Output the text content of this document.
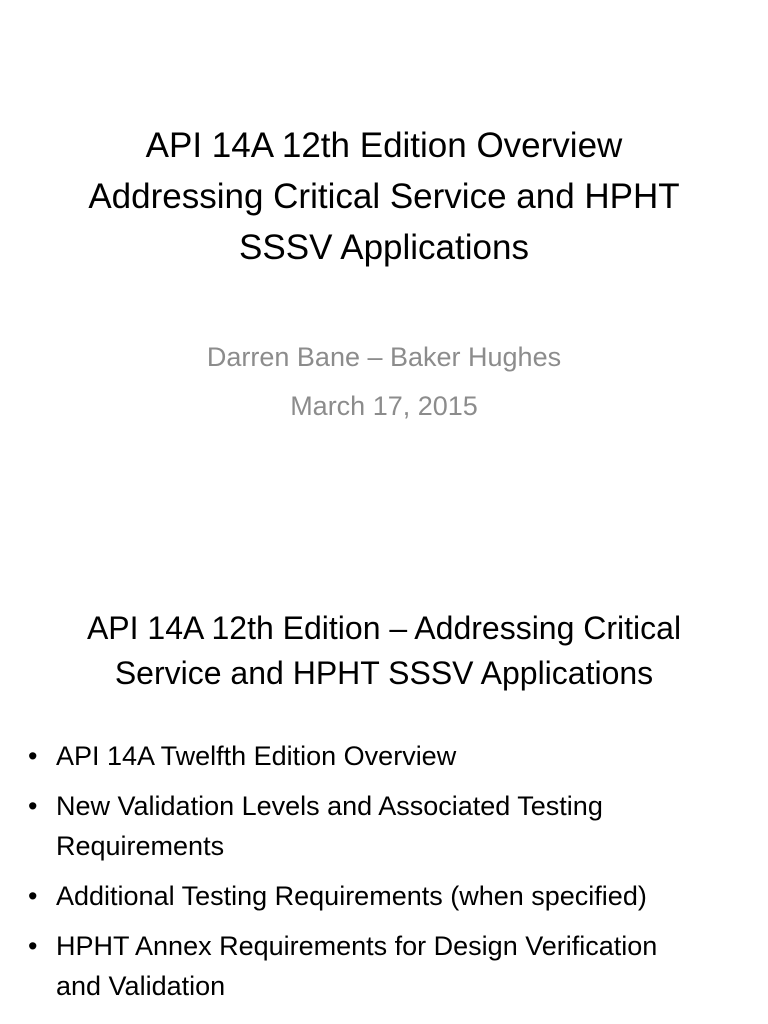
API 14A 12th Edition Overview
Addressing Critical Service and HPHT
SSSV Applications
Darren Bane – Baker Hughes
March 17, 2015
API 14A 12th Edition – Addressing Critical
Service and HPHT SSSV Applications
• API 14A Twelfth Edition Overview
• New Validation Levels and Associated Testing
Requirements
• Additional Testing Requirements (when specified)
• HPHT Annex Requirements for Design Verification
and Validation
